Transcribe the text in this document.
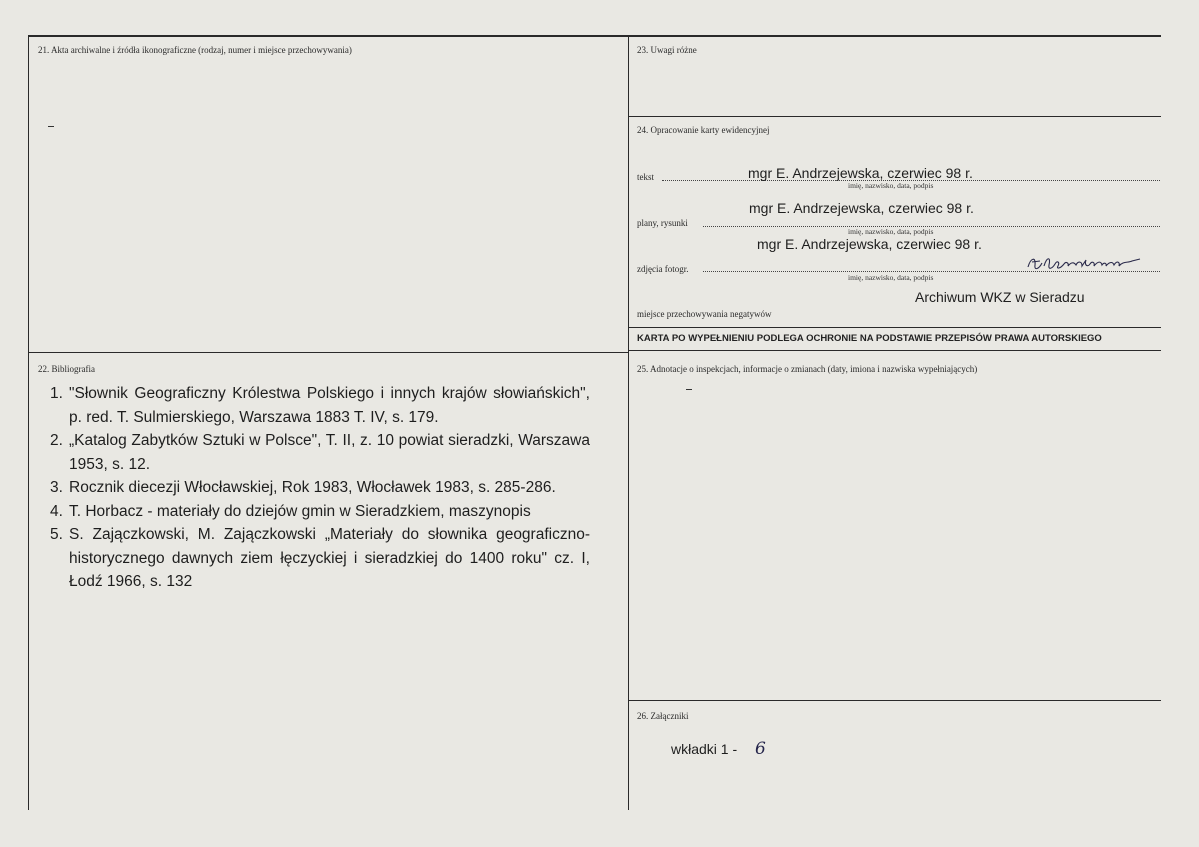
21. Akta archiwalne i źródła ikonograficzne (rodzaj, numer i miejsce przechowywania)	23. Uwagi różne
24. Opracowanie karty ewidencyjnej
tekst	mgr E. Andrzejewska, czerwiec 98 r.
imię, nazwisko, data, podpis
plany, rysunki
mgr E. Andrzejewska, czerwiec 98 r.
imię, nazwisko, data, podpis
mgr E. Andrzejewska, czerwiec 98 r.
zdjęcia fotogr.
imię, nazwisko, data, podpis
Archiwum WKZ w Sieradzu
miejsce przechowywania negatywów
KARTA PO WYPEŁNIENIU PODLEGA OCHRONIE NA PODSTAWIE PRZEPISÓW PRAWA AUTORSKIEGO
22. Bibliografia
1. "Słownik Geograficzny Królestwa Polskiego i innych krajów słowiańskich", p. red. T. Sulmierskiego, Warszawa 1883 T. IV, s. 179.
2. „Katalog Zabytków Sztuki w Polsce", T. II, z. 10 powiat sieradzki, Warszawa 1953, s. 12.
3. Rocznik diecezji Włocławskiej, Rok 1983, Włocławek 1983, s. 285-286.
4. T. Horbacz - materiały do dziejów gmin w Sieradzkiem, maszynopis
5. S. Zajączkowski, M. Zajączkowski „Materiały do słownika geograficzno-historycznego dawnych ziem łęczyckiej i sieradzkiej do 1400 roku" cz. I, Łodź 1966, s. 132
25. Adnotacje o inspekcjach, informacje o zmianach (daty, imiona i nazwiska wypełniających)
26. Załączniki
wkładki 1 - 6
